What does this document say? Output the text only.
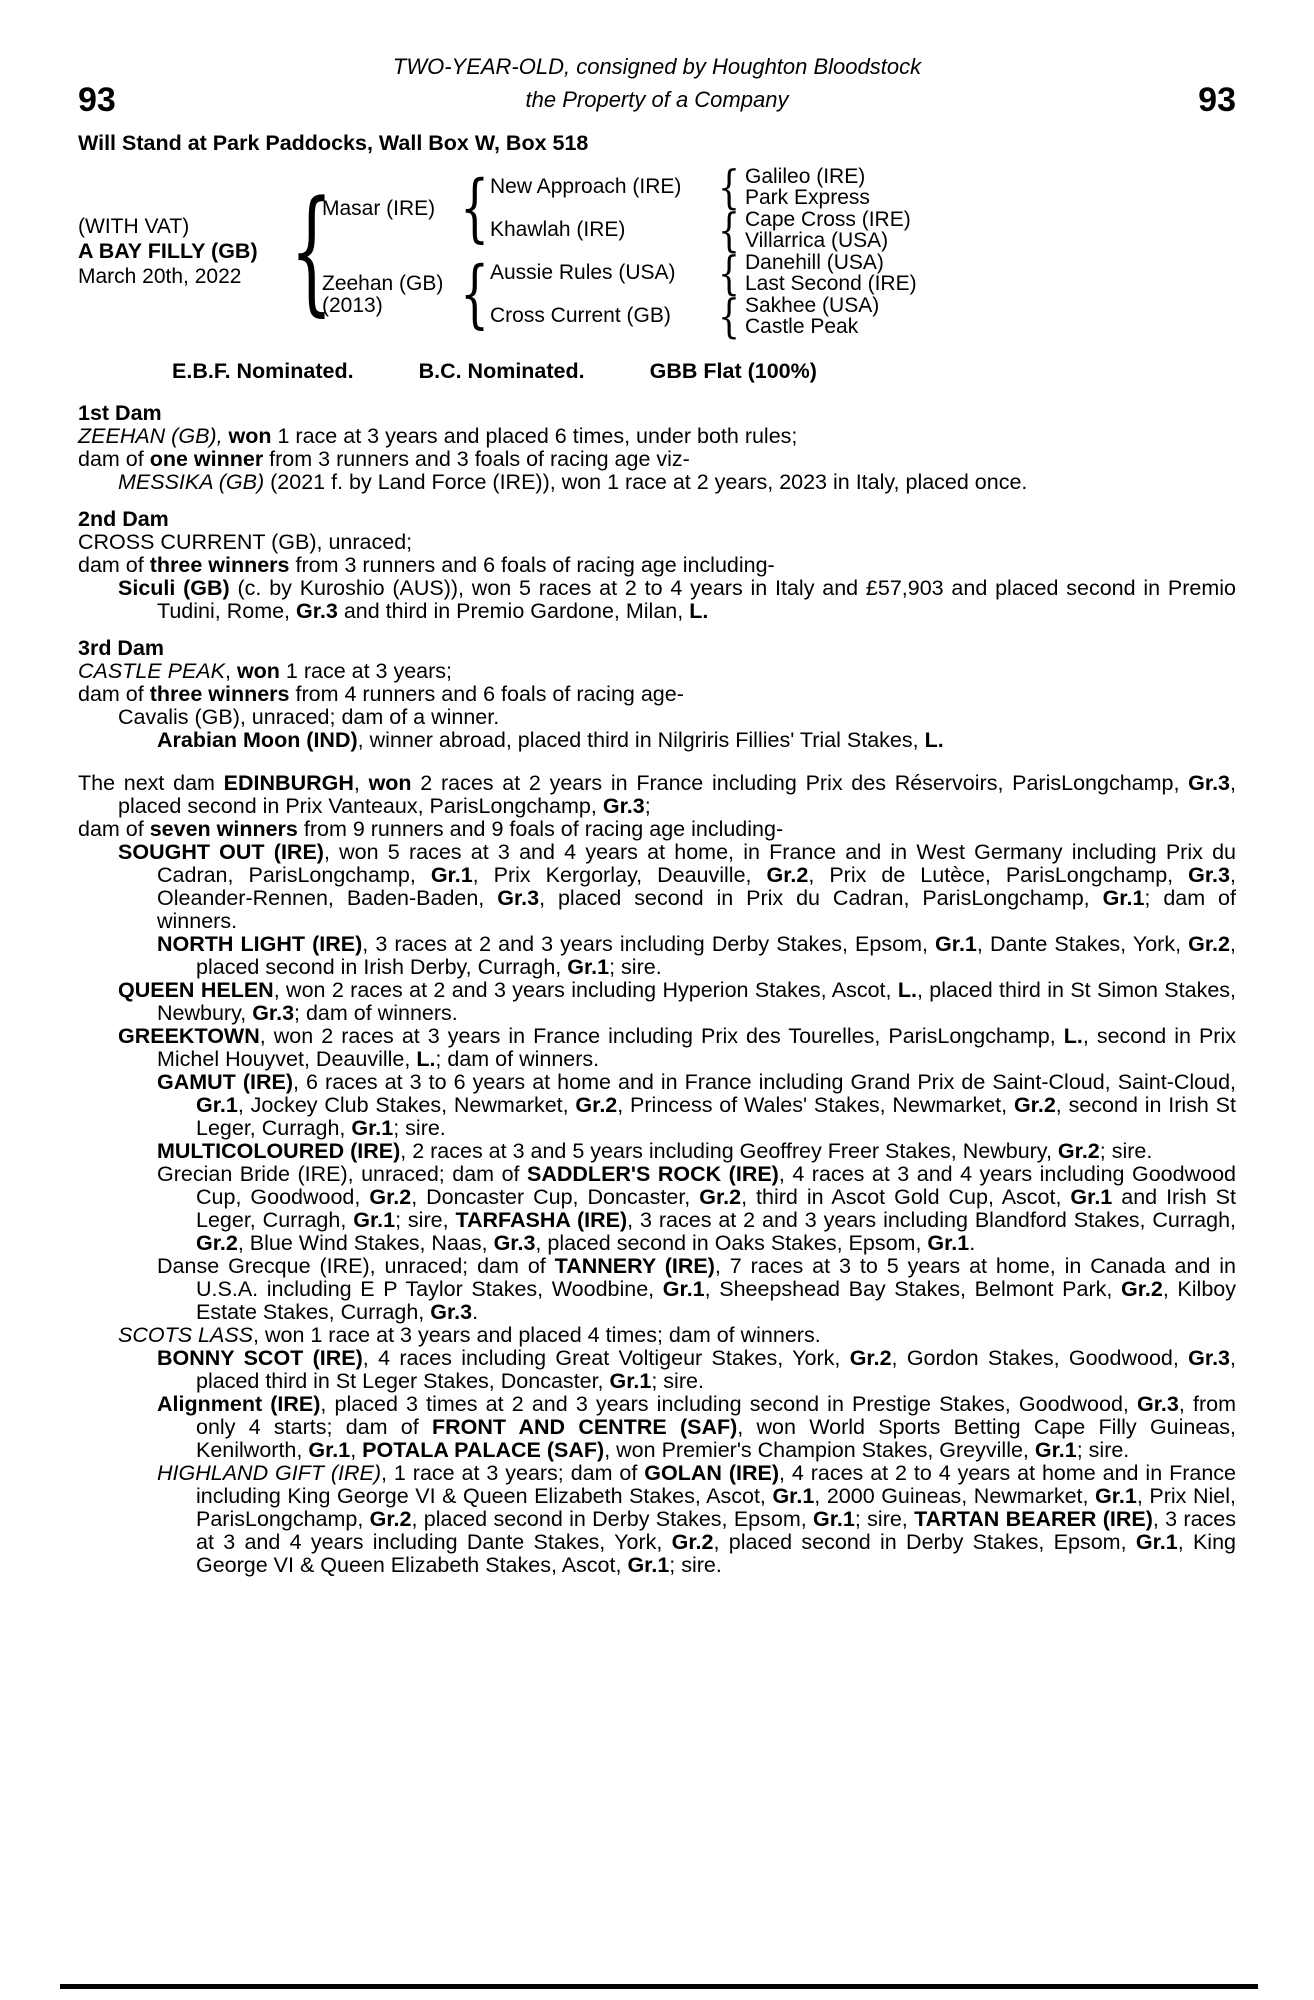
TWO-YEAR-OLD, consigned by Houghton Bloodstock
93	the Property of a Company	93
Will Stand at Park Paddocks, Wall Box W, Box 518
(WITH VAT)
A BAY FILLY (GB)
March 20th, 2022 {
Masar (IRE)
Zeehan (GB)
(2013)
{
{
New Approach (IRE)
Khawlah (IRE)
Aussie Rules (USA)
Cross Current (GB)
{
{
{
{
Galileo (IRE)
Park Express
Cape Cross (IRE)
Villarrica (USA)
Danehill (USA)
Last Second (IRE)
Sakhee (USA)
Castle Peak
E.B.F. Nominated.	B.C. Nominated.	GBB Flat (100%)
1st Dam
ZEEHAN (GB), won 1 race at 3 years and placed 6 times, under both rules;
dam of one winner from 3 runners and 3 foals of racing age viz-
MESSIKA (GB) (2021 f. by Land Force (IRE)), won 1 race at 2 years, 2023 in Italy, placed once.
2nd Dam
CROSS CURRENT (GB), unraced;
dam of three winners from 3 runners and 6 foals of racing age including-
Siculi (GB) (c. by Kuroshio (AUS)), won 5 races at 2 to 4 years in Italy and £57,903 and placed second in Premio Tudini, Rome, Gr.3 and third in Premio Gardone, Milan, L.
3rd Dam
CASTLE PEAK, won 1 race at 3 years;
dam of three winners from 4 runners and 6 foals of racing age-
Cavalis (GB), unraced; dam of a winner.
Arabian Moon (IND), winner abroad, placed third in Nilgriris Fillies' Trial Stakes, L.
The next dam EDINBURGH, won 2 races at 2 years in France including Prix des Réservoirs, ParisLongchamp, Gr.3, placed second in Prix Vanteaux, ParisLongchamp, Gr.3;
dam of seven winners from 9 runners and 9 foals of racing age including-
SOUGHT OUT (IRE), won 5 races at 3 and 4 years at home, in France and in West Germany including Prix du Cadran, ParisLongchamp, Gr.1, Prix Kergorlay, Deauville, Gr.2, Prix de Lutèce, ParisLongchamp, Gr.3, Oleander-Rennen, Baden-Baden, Gr.3, placed second in Prix du Cadran, ParisLongchamp, Gr.1; dam of winners.
NORTH LIGHT (IRE), 3 races at 2 and 3 years including Derby Stakes, Epsom, Gr.1, Dante Stakes, York, Gr.2, placed second in Irish Derby, Curragh, Gr.1; sire.
QUEEN HELEN, won 2 races at 2 and 3 years including Hyperion Stakes, Ascot, L., placed third in St Simon Stakes, Newbury, Gr.3; dam of winners.
GREEKTOWN, won 2 races at 3 years in France including Prix des Tourelles, ParisLongchamp, L., second in Prix Michel Houyvet, Deauville, L.; dam of winners.
GAMUT (IRE), 6 races at 3 to 6 years at home and in France including Grand Prix de Saint-Cloud, Saint-Cloud, Gr.1, Jockey Club Stakes, Newmarket, Gr.2, Princess of Wales' Stakes, Newmarket, Gr.2, second in Irish St Leger, Curragh, Gr.1; sire.
MULTICOLOURED (IRE), 2 races at 3 and 5 years including Geoffrey Freer Stakes, Newbury, Gr.2; sire.
Grecian Bride (IRE), unraced; dam of SADDLER'S ROCK (IRE), 4 races at 3 and 4 years including Goodwood Cup, Goodwood, Gr.2, Doncaster Cup, Doncaster, Gr.2, third in Ascot Gold Cup, Ascot, Gr.1 and Irish St Leger, Curragh, Gr.1; sire, TARFASHA (IRE), 3 races at 2 and 3 years including Blandford Stakes, Curragh, Gr.2, Blue Wind Stakes, Naas, Gr.3, placed second in Oaks Stakes, Epsom, Gr.1.
Danse Grecque (IRE), unraced; dam of TANNERY (IRE), 7 races at 3 to 5 years at home, in Canada and in U.S.A. including E P Taylor Stakes, Woodbine, Gr.1, Sheepshead Bay Stakes, Belmont Park, Gr.2, Kilboy Estate Stakes, Curragh, Gr.3.
SCOTS LASS, won 1 race at 3 years and placed 4 times; dam of winners.
BONNY SCOT (IRE), 4 races including Great Voltigeur Stakes, York, Gr.2, Gordon Stakes, Goodwood, Gr.3, placed third in St Leger Stakes, Doncaster, Gr.1; sire.
Alignment (IRE), placed 3 times at 2 and 3 years including second in Prestige Stakes, Goodwood, Gr.3, from only 4 starts; dam of FRONT AND CENTRE (SAF), won World Sports Betting Cape Filly Guineas, Kenilworth, Gr.1, POTALA PALACE (SAF), won Premier's Champion Stakes, Greyville, Gr.1; sire.
HIGHLAND GIFT (IRE), 1 race at 3 years; dam of GOLAN (IRE), 4 races at 2 to 4 years at home and in France including King George VI & Queen Elizabeth Stakes, Ascot, Gr.1, 2000 Guineas, Newmarket, Gr.1, Prix Niel, ParisLongchamp, Gr.2, placed second in Derby Stakes, Epsom, Gr.1; sire, TARTAN BEARER (IRE), 3 races at 3 and 4 years including Dante Stakes, York, Gr.2, placed second in Derby Stakes, Epsom, Gr.1, King George VI & Queen Elizabeth Stakes, Ascot, Gr.1; sire.
